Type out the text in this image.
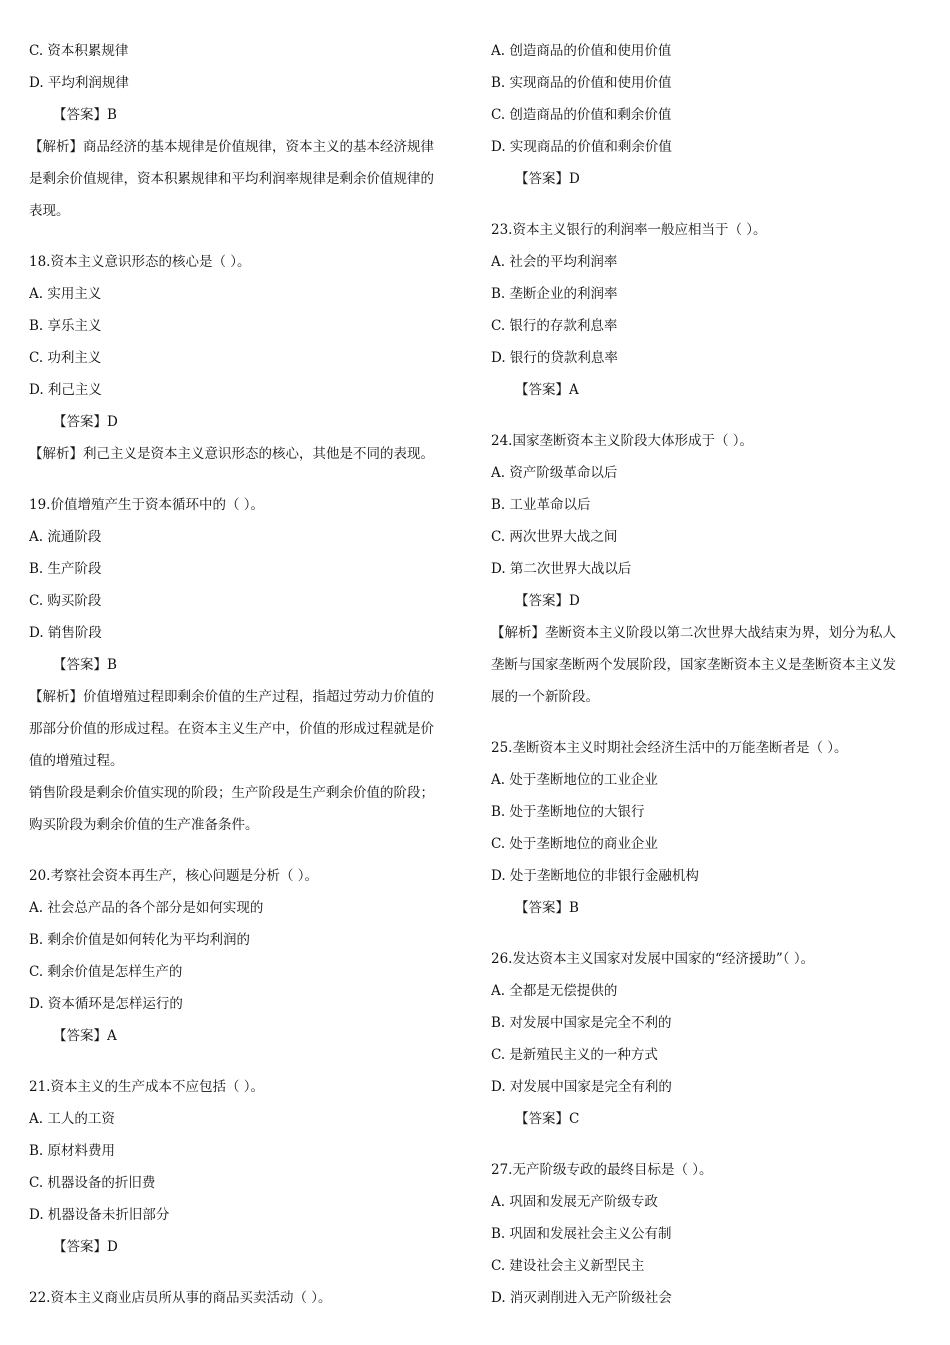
C. 资本积累规律
D. 平均利润规律
【答案】B
【解析】商品经济的基本规律是价值规律，资本主义的基本经济规律
是剩余价值规律，资本积累规律和平均利润率规律是剩余价值规律的
表现。
18.资本主义意识形态的核心是（ ）。
A. 实用主义
B. 享乐主义
C. 功利主义
D. 利己主义
【答案】D
【解析】利己主义是资本主义意识形态的核心，其他是不同的表现。
19.价值增殖产生于资本循环中的（ ）。
A. 流通阶段
B. 生产阶段
C. 购买阶段
D. 销售阶段
【答案】B
【解析】价值增殖过程即剩余价值的生产过程，指超过劳动力价值的
那部分价值的形成过程。在资本主义生产中，价值的形成过程就是价
值的增殖过程。
销售阶段是剩余价值实现的阶段；生产阶段是生产剩余价值的阶段；
购买阶段为剩余价值的生产准备条件。
20.考察社会资本再生产，核心问题是分析（ ）。
A. 社会总产品的各个部分是如何实现的
B. 剩余价值是如何转化为平均利润的
C. 剩余价值是怎样生产的
D. 资本循环是怎样运行的
【答案】A
21.资本主义的生产成本不应包括（ ）。
A. 工人的工资
B. 原材料费用
C. 机器设备的折旧费
D. 机器设备未折旧部分
【答案】D
22.资本主义商业店员所从事的商品买卖活动（ ）。
A. 创造商品的价值和使用价值
B. 实现商品的价值和使用价值
C. 创造商品的价值和剩余价值
D. 实现商品的价值和剩余价值
【答案】D
23.资本主义银行的利润率一般应相当于（ ）。
A. 社会的平均利润率
B. 垄断企业的利润率
C. 银行的存款利息率
D. 银行的贷款利息率
【答案】A
24.国家垄断资本主义阶段大体形成于（ ）。
A. 资产阶级革命以后
B. 工业革命以后
C. 两次世界大战之间
D. 第二次世界大战以后
【答案】D
【解析】垄断资本主义阶段以第二次世界大战结束为界，划分为私人
垄断与国家垄断两个发展阶段，国家垄断资本主义是垄断资本主义发
展的一个新阶段。
25.垄断资本主义时期社会经济生活中的万能垄断者是（ ）。
A. 处于垄断地位的工业企业
B. 处于垄断地位的大银行
C. 处于垄断地位的商业企业
D. 处于垄断地位的非银行金融机构
【答案】B
26.发达资本主义国家对发展中国家的“经济援助”（ ）。
A. 全都是无偿提供的
B. 对发展中国家是完全不利的
C. 是新殖民主义的一种方式
D. 对发展中国家是完全有利的
【答案】C
27.无产阶级专政的最终目标是（ ）。
A. 巩固和发展无产阶级专政
B. 巩固和发展社会主义公有制
C. 建设社会主义新型民主
D. 消灭剥削进入无产阶级社会
